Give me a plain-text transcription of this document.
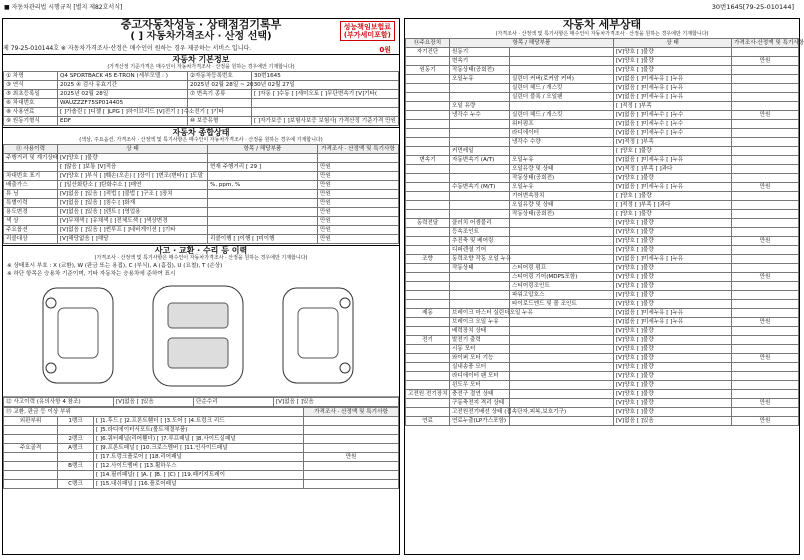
■ 자동차관리법 시행규칙 [별지 제82호서식]	30번1645[79-25-010144]
중고자동차성능 · 상태점검기록부
( ] 자동차가격조사 · 산정 선택)
성능책임보험료
(부가세미포함)
0원
제 79-25-010144호 ※ 자동차가격조사·산정은 매수인이 원하는 경우 제공하는 서비스 입니다.
자동차 기본정보
(가격산정 기준가격은 매수인이 자동차가격조사 · 산정을 원하는 경우에만 기재합니다)
① 차명	Q4 SPORTBACK 45 E-TRON (세부모델 : )	②자동차등록번호	30번1645
③ 연식	2025 ④ 검사 유효기간	2025년 02월 28일 ~ 2030년 02월 27일	
⑤ 최초등록일	2025년 02월 28일	⑦ 변속기 종류	[ ]자동 [ ]수동 [ ]세미오토 [ ]무단변속기 [V]기타(
⑥ 차대번호	WAUZZZF75SP014405		
⑧ 사용연료	[ ]가솔린 [ ]디젤 [ ]LPG [ ]하이브리드 [V]전기 [ ]수소전기 [ ]기타		
⑨ 원동기형식	EDF	⑩ 보증유형	[ ]자가보증 [ ]보험사보증 보험사| 가격산정 기준가격 만원
자동차 종합상태
(색상, 주요옵션, 가격조사 · 산정액 및 특기사항은 매수인이 자동차가격조사 · 산정을 원하는 경우에 기재합니다)
⑪ 사용이력	상 태	항목 / 해당부품	가격조사 · 산정액 및 특기사항
주행거리 및 계기상태	[V]양호 [ ]불량		
	[ ]많음 [ ]보통 [V]적음	현재 주행거리 [ 29 ]	만원
차대번호 표기	[V]양호 [ ]부식 [ ]훼손(오손) [ ]상이 [ ]변조(변타) [ ]도말		만원
배출가스	[ ]일산화탄소 [ ]탄화수소 [ ]매연	%, ppm, %	만원
튜 닝	[V]없음 [ ]있음 [ ]적법 [ ]불법 [ ]구조 [ ]장치		만원
특별이력	[V]없음 [ ]있음 [ ]침수 [ ]화재		만원
용도변경	[V]없음 [ ]있음 [ ]렌트 [ ]영업용		만원
색 상	[V]무채색 [ ]유채색 [ ]전체도색 [ ]색상변경		만원
주요옵션	[V]없음 [ ]있음 [ ]썬루프 [ ]네비게이션 [ ]기타		만원
리콜대상	[V]해당없음 [ ]해당	리콜이행 [ ]이행 [ ]미이행	만원
사고 · 교환 · 수리 등 이력
(가격조사 · 산정액 및 특기사항은 매수인이 자동차가격조사 · 산정을 원하는 경우에만 기재합니다)
※ 상태표시 부호 : X (교환), W (판금 또는 용접), C (부식), A (흠집), U (요철), T (손상)
※ 하단 항목은 승용차 기준이며, 기타 자동차는 승용차에 준하여 표시
⑫ 사고이력 (유의사항 4 참조)	[V]없음 [ ]있음	단순수리	[V]없음 [ ]있음
⑬ 교환, 판금 등 이상 부위			가격조사 · 산정액 및 특기사항
외판부위	1랭크	[ ]1.후드 [ ]2.프론트휀더 [ ]3.도어 [ ]4.트렁크 리드	
		[ ]5.라디에이터서포트(볼트체결부품)	
	2랭크	[ ]6.쿼터패널(리어휀더) [ ]7.루프패널 [ ]8.사이드실패널	
주요골격	A랭크	[ ]9.프론트패널 [ ]10.크로스멤버 [ ]11.인사이드패널	
		[ ]17.트렁크플로어 [ ]18.리어패널	만원
	B랭크	[ ]12.사이드멤버 [ ]13.휠하우스	
		[ ]14.필러패널( [ ]A. [ ]B. [ ]C) [ ]19.패키지트레이	
	C랭크	[ ]15.대쉬패널 [ ]16.플로어패널	
자동차 세부상태
(가격조사 · 산정액 및 특기사항은 매수인이 자동차가격조사 · 산정을 원하는 경우에만 기재합니다)
⑭주요장치	항목 / 해당부품		상 태	가격조사·산정액 및 특기사항
자기진단	원동기		[V]양호 [ ]불량	
	변속기		[V]양호 [ ]불량	만원
원동기	작동상태(공회전)		[V]양호 [ ]불량	
	오일누유	실린더 커버(로커암 커버)	[V]없음 [ ]미세누유 [ ]누유	
		실린더 헤드 / 개스킷	[V]없음 [ ]미세누유 [ ]누유	
		실린더 블록 / 오일팬	[V]없음 [ ]미세누유 [ ]누유	
	오일 유량		[ ]적정 [ ]부족	
	냉각수 누수	실린더 헤드 / 개스킷	[V]없음 [ ]미세누수 [ ]누수	만원
		워터펌프	[V]없음 [ ]미세누수 [ ]누수	
		라디에이터	[V]없음 [ ]미세누수 [ ]누수	
		냉각수 수량	[V]적정 [ ]부족	
	커먼레일		[ ]양호 [ ]불량	
변속기	자동변속기 (A/T)	오일누유	[V]없음 [ ]미세누유 [ ]누유	
		오일유량 및 상태	[V]적정 [ ]부족 [ ]과다	
		작동상태(공회전)	[V]양호 [ ]불량	
	수동변속기 (M/T)	오일누유	[V]없음 [ ]미세누유 [ ]누유	만원
		기어변속장치	[ ]양호 [ ]불량	
		오일유량 및 상태	[ ]적정 [ ]부족 [ ]과다	
		작동상태(공회전)	[ ]양호 [ ]불량	
동력전달	클러치 어셈블리		[V]양호 [ ]불량	
	등속조인트		[V]양호 [ ]불량	
	추진축 및 베어링		[V]양호 [ ]불량	만원
	디퍼렌셜 기어		[V]양호 [ ]불량	
조향	동력조향 작동 오일 누유		[V]없음 [ ]미세누유 [ ]누유	
	작동상태	스티어링 펌프	[V]양호 [ ]불량	
		스티어링 기어(MDPS포함)	[V]양호 [ ]불량	만원
		스티어링조인트	[V]양호 [ ]불량	
		파워고압호스	[V]양호 [ ]불량	
		타이로드엔드 및 볼 조인트	[V]양호 [ ]불량	
제동	브레이크 마스터 실린더오일 누유		[V]없음 [ ]미세누유 [ ]누유	
	브레이크 오일 누유		[V]없음 [ ]미세누유 [ ]누유	만원
	배력장치 상태		[V]양호 [ ]불량	
전기	발전기 출력		[V]양호 [ ]불량	
	시동 모터		[V]양호 [ ]불량	
	와이퍼 모터 기능		[V]양호 [ ]불량	만원
	실내송풍 모터		[V]양호 [ ]불량	
	라디에이터 팬 모터		[V]양호 [ ]불량	
	윈도우 모터		[V]양호 [ ]불량	
고전원 전기장치	충전구 절연 상태		[V]양호 [ ]불량	
	구동축전지 격리 상태		[V]양호 [ ]불량	만원
	고전원전기배선 상태 (접속단자,피복,보호기구)		[V]양호 [ ]불량	
연료	연료누출(LP가스포함)		[V]없음 [ ]있음	만원
